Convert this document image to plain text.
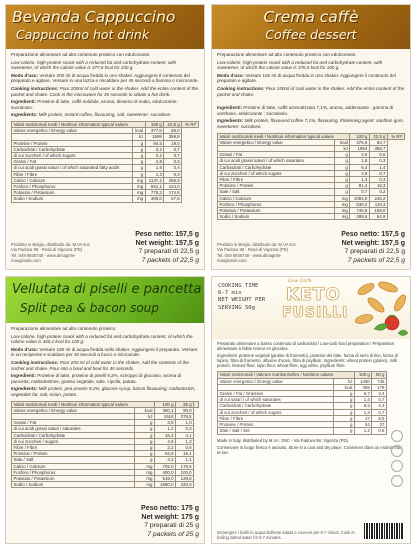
Bevanda Cappuccino
Cappuccino hot drink

Preparazione alimentare ad alto contenuto proteico con edulcorante.

Low-calorie, high-protein snack with a reduced fat and carbohydrate content, with sweetener, of which the calorie value is 377,6 kcal for 100 g.

Modo d'uso: Versare 200 ml di acqua fredda in uno shaker. Aggiungere il contenuto del preparato e agitare. Versare in una tazza e riscaldare per 45 secondi a fiamma o microonde.

Cooking instructions: Pour 200ml of cold water in the shaker. Add the entire content of the packet and shake. Cook in the microwave for 45 seconds to obtain a hot drink.

Ingredienti: Proteine di latte, caffè solubile, aroma, dioxeno di sodio, edulcorante: sucralosio.

Ingredients: Milk protein, instant coffee, flavouring, salt, sweetener: sucralose.

Valori nutrizionali medi / Nutrition information typical values		100 g	22,5 g	% RI*
Valore energetico / Energy value	kcal	377,6	85,0	
	kJ	1599	359,8	
Proteine / Protein	g	84,5	19,0	
Carboidrati / Carbohydrate	g	3,2	0,7	
di cui zuccheri / of which sugars	g	3,2	0,7	
Grassi / Fat	g	2,8	0,6	
di cui acidi grassi saturi / of which saturated fatty acids	g	1,6	0,4	
Fibre / Fibre	g	1,3	0,3	
Calcio / Calcium	mg	1137,2	255,9	
Fosforo / Phosphorus	mg	551,1	124,0	
Potassio / Potassium	mg	776,2	174,6	
Sodio / Sodium	mg	300,0	67,5	
Prodotto in Belgio, distribuito da: M.VA snc
Via Padova 98 - Rosà di Vigonza (PD)
Tel. 049 8936748 - www.dimagrire-mangiando.com
Peso netto: 157,5 g
Net weight: 157,5 g
7 preparati di 22,5 g
7 packets of 22,5 g
Crema caffè
Coffee dessert

Preparazione alimentare ad alto contenuto proteico con edulcorante.

Low-calorie, high-protein snack with a reduced fat and carbohydrate content, with sweetener, of which the calorie value is 376,5 kcal for 100 g.

Modo d'uso: Versare 150 ml di acqua fredda in uno shaker. Aggiungere il contenuto del preparato e agitare.

Cooking instructions: Pour 150ml of cool water in the shaker. Add the entire content of the packet and shake.

Ingredienti: Proteine di latte, caffè aromatizzato 7,1%, aroma, addensante : gomma di xanthane, edulcorante : sucralosio.

Ingredients: Milk protein, flavoured coffee 7,1%, flavouring, thickening agent: xanthan gum, sweetener: sucralose.

Valori nutrizionali medi / Nutrition information typical values		100 g	22,5 g	% RI*
Valore energetico / Energy value	kcal	376,5	84,7	
	kJ	1594	358,7	
Grassi / Fat	g	2,6	0,6	
di cui acidi grassi saturi / of which saturates	g	1,5	0,3	
Carboidrati / Carbohydrate	g	6,4	1,4	
di cui zuccheri / of which sugars	g	2,9	0,7	
Fibre / Fibre	g	1,3	0,3	
Proteine / Protein	g	81,4	18,3	
Sale / Salt	g	0,7	0,2	
Calcio / Calcium	mg	1094,0	246,2	
Fosforo / Phosphorus	mg	530,2	119,3	
Potassio / Potassium	mg	746,8	168,0	
Sodio / Sodium	mg	288,6	64,9	
Prodotto in Belgio, distribuito da: M.VA snc
Via Padova 98 - Rosà di Vigonza (PD)
Tel. 049 8936748 - www.dimagrire-mangiando.com
Peso netto: 157,5 g
Net weight: 157,5 g
7 preparati di 22,5 g
7 packets of 22,5 g
Vellutata di piselli e pancetta
Split pea & bacon soup

Preparazione alimentare ad alto contenuto proteico.

Low-calorie, high-protein snack with a reduced fat and carbohydrate content, of which the calorie value is 360,1 kcal for 100 g.

Modo d'uso: Versare 180 ml di acqua fredda nello shaker. Aggiungere il preparato. Versare in un recipiente e scaldare per 45 secondi a fuoco o microonde.

Cooking instructions: Pour 200 ml of cold water in the shaker. Add the contents of the sachet and shake. Pour into a bowl and heat for 45 seconds.

Ingredienti: Proteine di latte, proteine di piselli 9,2%, sciroppo di glucosio, aroma di pancetta, maltodestrine, grasso vegetale, sale, cipolla, patata.

Ingredients: Milk protein, pea protein 9,2%, glucose syrup, bacon flavouring, maltodextrin, vegetable fat, salt, onion, potato.

Valori nutrizionali medi / Nutrition information typical values		100 g	25 g	
Valore energetico / Energy value	kcal	360,1	90,0	
	kJ	1518	379,5	
Grassi / Fat	g	3,9	1,0	
di cui acidi grassi saturi / saturates	g	1,2	0,3	
Carboidrati / Carbohydrate	g	16,4	4,1	
di cui zuccheri / sugars	g	4,6	1,2	
Fibre / Fibre	g	2,2	0,6	
Proteine / Protein	g	64,5	16,1	
Sale / Salt	g	4,2	1,1	
Calcio / Calcium	mg	702,0	175,5	
Fosforo / Phosphorus	mg	400,0	100,0	
Potassio / Potassium	mg	519,0	129,8	
Sodio / Sodium	mg	1680,0	420,0	
Peso netto: 175 g
Net weight: 175 g
7 preparati di 25 g
7 packets of 25 g
COOKING TIME
6-7 min
NET WEIGHT PER
SERVING 50g
Low Carb
KETO
FUSILLI

Preparato alimentare a basso contenuto di carboidrati / Low-carb food preparation / Préparation alimentaire à faible teneur en glucides.

Ingredienti: proteine vegetali (glutine di frumento), proteine del latte, farina di semi di lino, farina di lupino, fibra di frumento, albume d'uovo, fibra di psyllium. Ingredients: wheat protein (gluten), milk protein, linseed flour, lupin flour, wheat fibre, egg white, psyllium fibre.

Valori nutrizionali / Valeurs nutritionnelles / Nutrition values		100 g	50 g
Valore energetico / Energy value	kJ	1490	745
	kcal	355	178
Grassi / Fat / Graisses	g	6,7	3,4
di cui saturi / of which saturates	g	1,4	0,7
Carboidrati / Carbohydrate	g	8,5	4,3
di cui zuccheri / of which sugars	g	1,3	0,7
Fibre / Fibre	g	17	8,5
Proteine / Protein	g	54	27
Sale / Salt / Sel	g	1,2	0,6

Made in Italy, distributed by M.VA. SNC - Via Padova 98, Vigonza (PD)

Conservare in luogo fresco e asciutto. Store in a cool and dry place. Conserver dans un endroit frais et sec.

Immergere i fusilli in acqua bollente salata e cuocere per 6-7 minuti. Cook in boiling salted water for 6-7 minutes.
